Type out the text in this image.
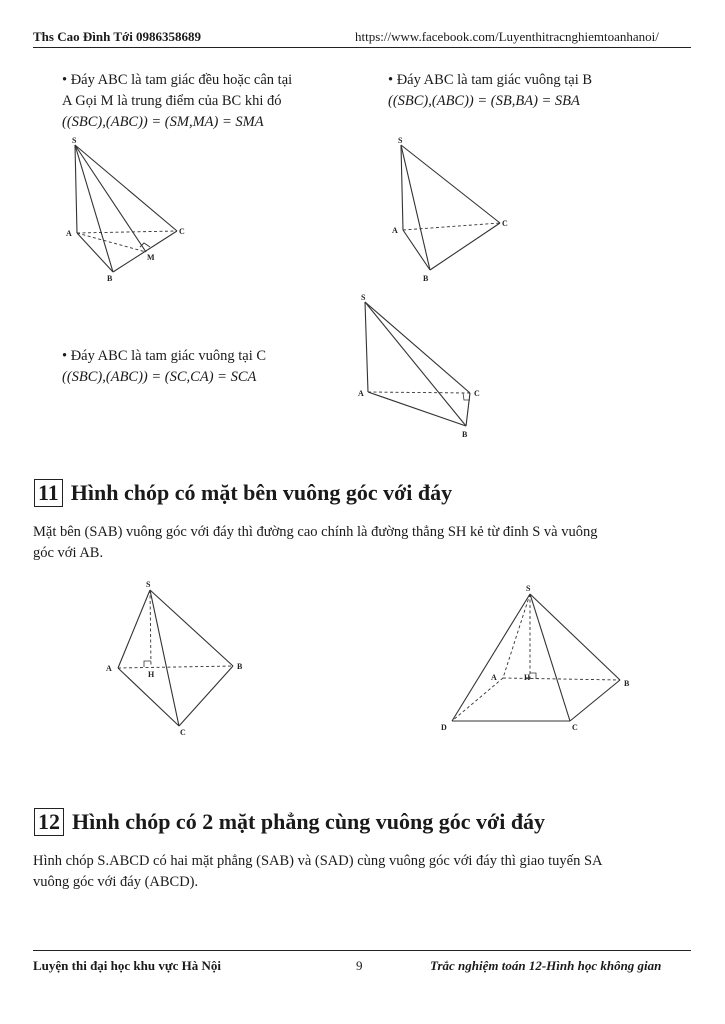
Ths Cao Đình Tới 0986358689	https://www.facebook.com/Luyenthitracnghiemtoanhanoi/
• Đáy ABC là tam giác đều hoặc cân tại
A Gọi M là trung điểm của BC khi đó
((SBC),(ABC)) = (SM,MA) = SMA
• Đáy ABC là tam giác vuông tại B
((SBC),(ABC)) = (SB,BA) = SBA
S
A
B
C
M
S
A
B
C
• Đáy ABC là tam giác vuông tại C
((SBC),(ABC)) = (SC,CA) = SCA
S
A
B
C
11 Hình chóp có mặt bên vuông góc với đáy
Mặt bên (SAB) vuông góc với đáy thì đường cao chính là đường thẳng SH kẻ từ đỉnh S và vuông
góc với AB.
S
A	B
C
H
S
A	H
B
C
D
12 Hình chóp có 2 mặt phẳng cùng vuông góc với đáy
Hình chóp S.ABCD có hai mặt phẳng (SAB) và (SAD) cùng vuông góc với đáy thì giao tuyến SA
vuông góc với đáy (ABCD).
Luyện thi đại học khu vực Hà Nội	9	Trắc nghiệm toán 12-Hình học không gian
